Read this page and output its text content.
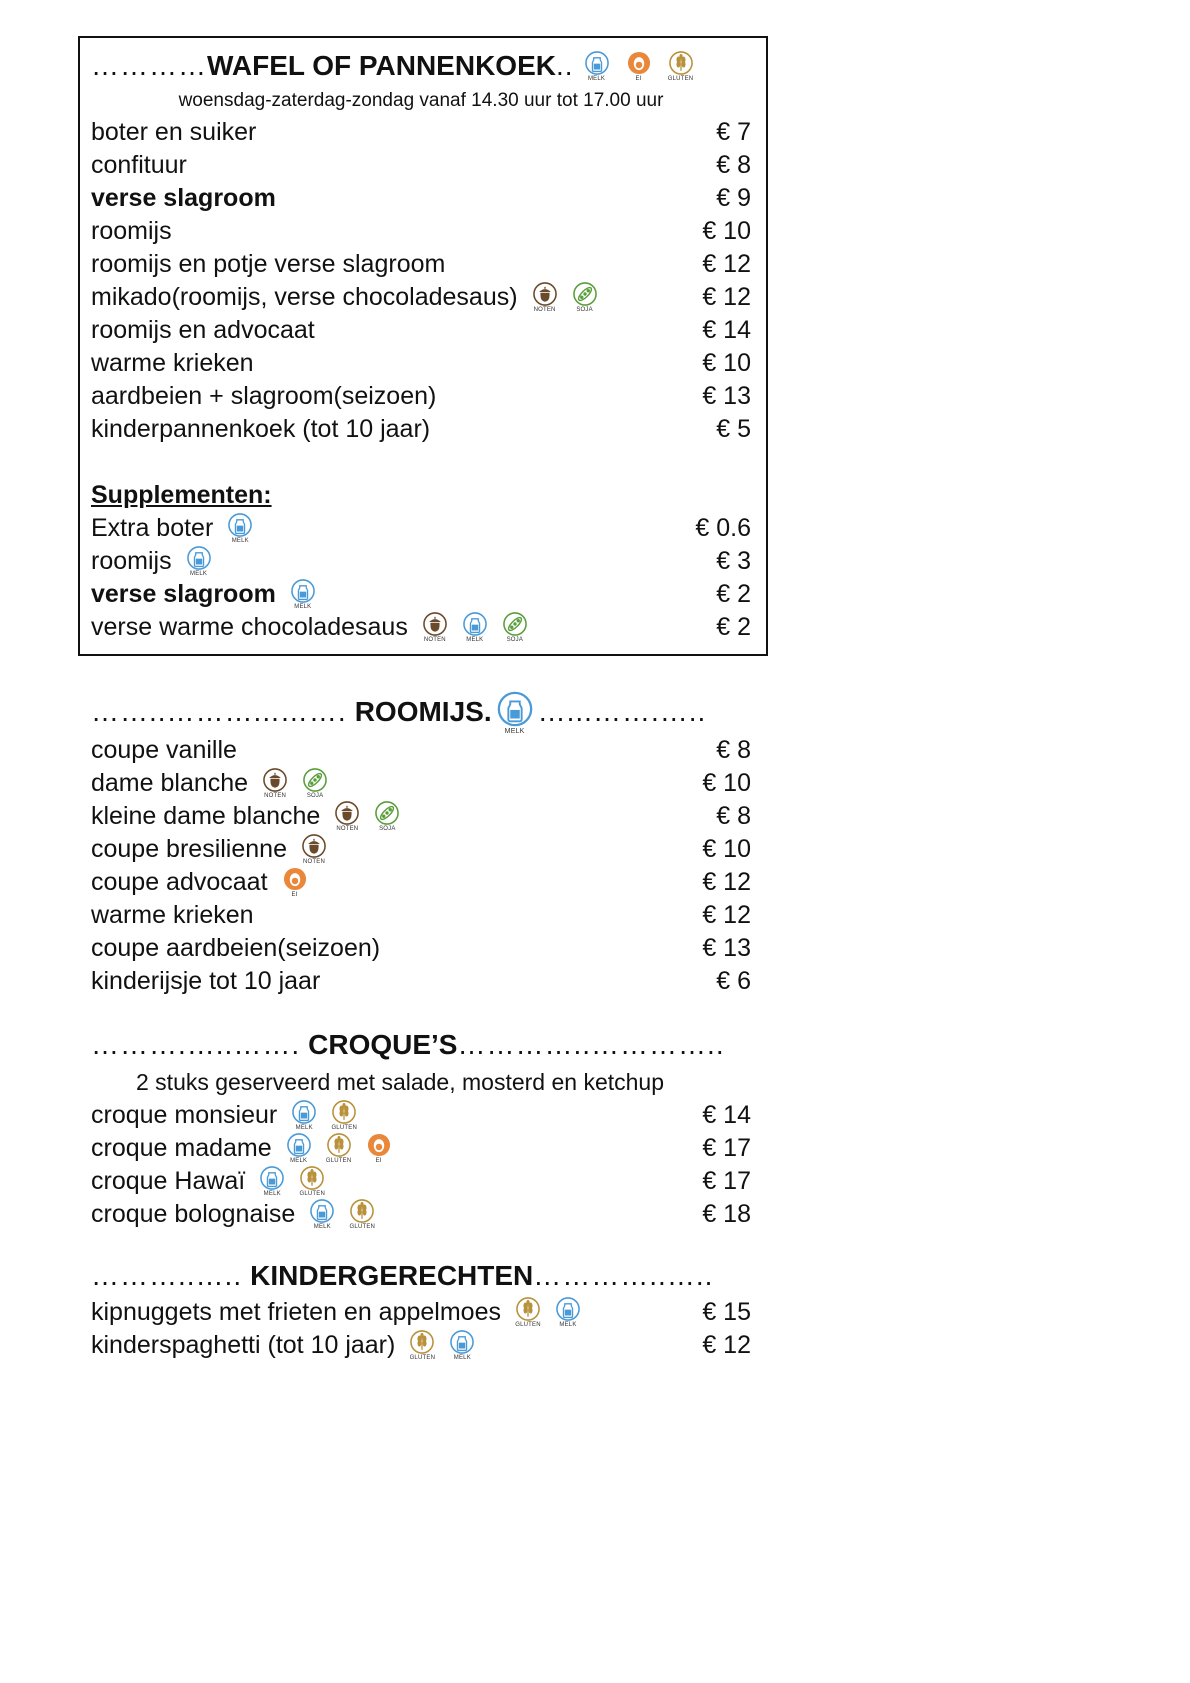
………… WAFEL OF PANNENKOEK .. MELK	EI	GLUTEN
woensdag-zaterdag-zondag vanaf 14.30 uur tot 17.00 uur
boter en suiker	€ 7
confituur	€ 8
verse slagroom	€ 9
roomijs	€ 10
roomijs en potje verse slagroom	€ 12
mikado(roomijs, verse chocoladesaus)	NOTEN	SOJA	€ 12
roomijs en advocaat	€ 14
warme krieken	€ 10
aardbeien + slagroom(seizoen)	€ 13
kinderpannenkoek (tot 10 jaar)	€ 5
Supplementen:
Extra boter	MELK	€ 0.6
roomijs	MELK	€ 3
verse slagroom	MELK	€ 2
verse warme chocoladesaus	NOTEN	MELK	SOJA	€ 2
……..………...……. ROOMIJS.
MELK
…...…….…..
coupe vanille	€ 8
dame blanche	NOTEN	SOJA	€ 10
kleine dame blanche	NOTEN	SOJA	€ 8
coupe bresilienne	NOTEN	€ 10
coupe advocaat	EI	€ 12
warme krieken	€ 12
coupe aardbeien(seizoen)	€ 13
kinderijsje tot 10 jaar	€ 6
……….…..……. CROQUE’S …………..…………..
2 stuks geserveerd met salade, mosterd en ketchup
croque monsieur	MELK	GLUTEN	€ 14
croque madame	MELK	GLUTEN	EI	€ 17
croque Hawaï	MELK	GLUTEN	€ 17
croque bolognaise	MELK	GLUTEN	€ 18
………..….. KINDERGERECHTEN …………..…..
kipnuggets met frieten en appelmoes GLUTEN	MELK	€ 15
kinderspaghetti (tot 10 jaar) GLUTEN	MELK	€ 12
